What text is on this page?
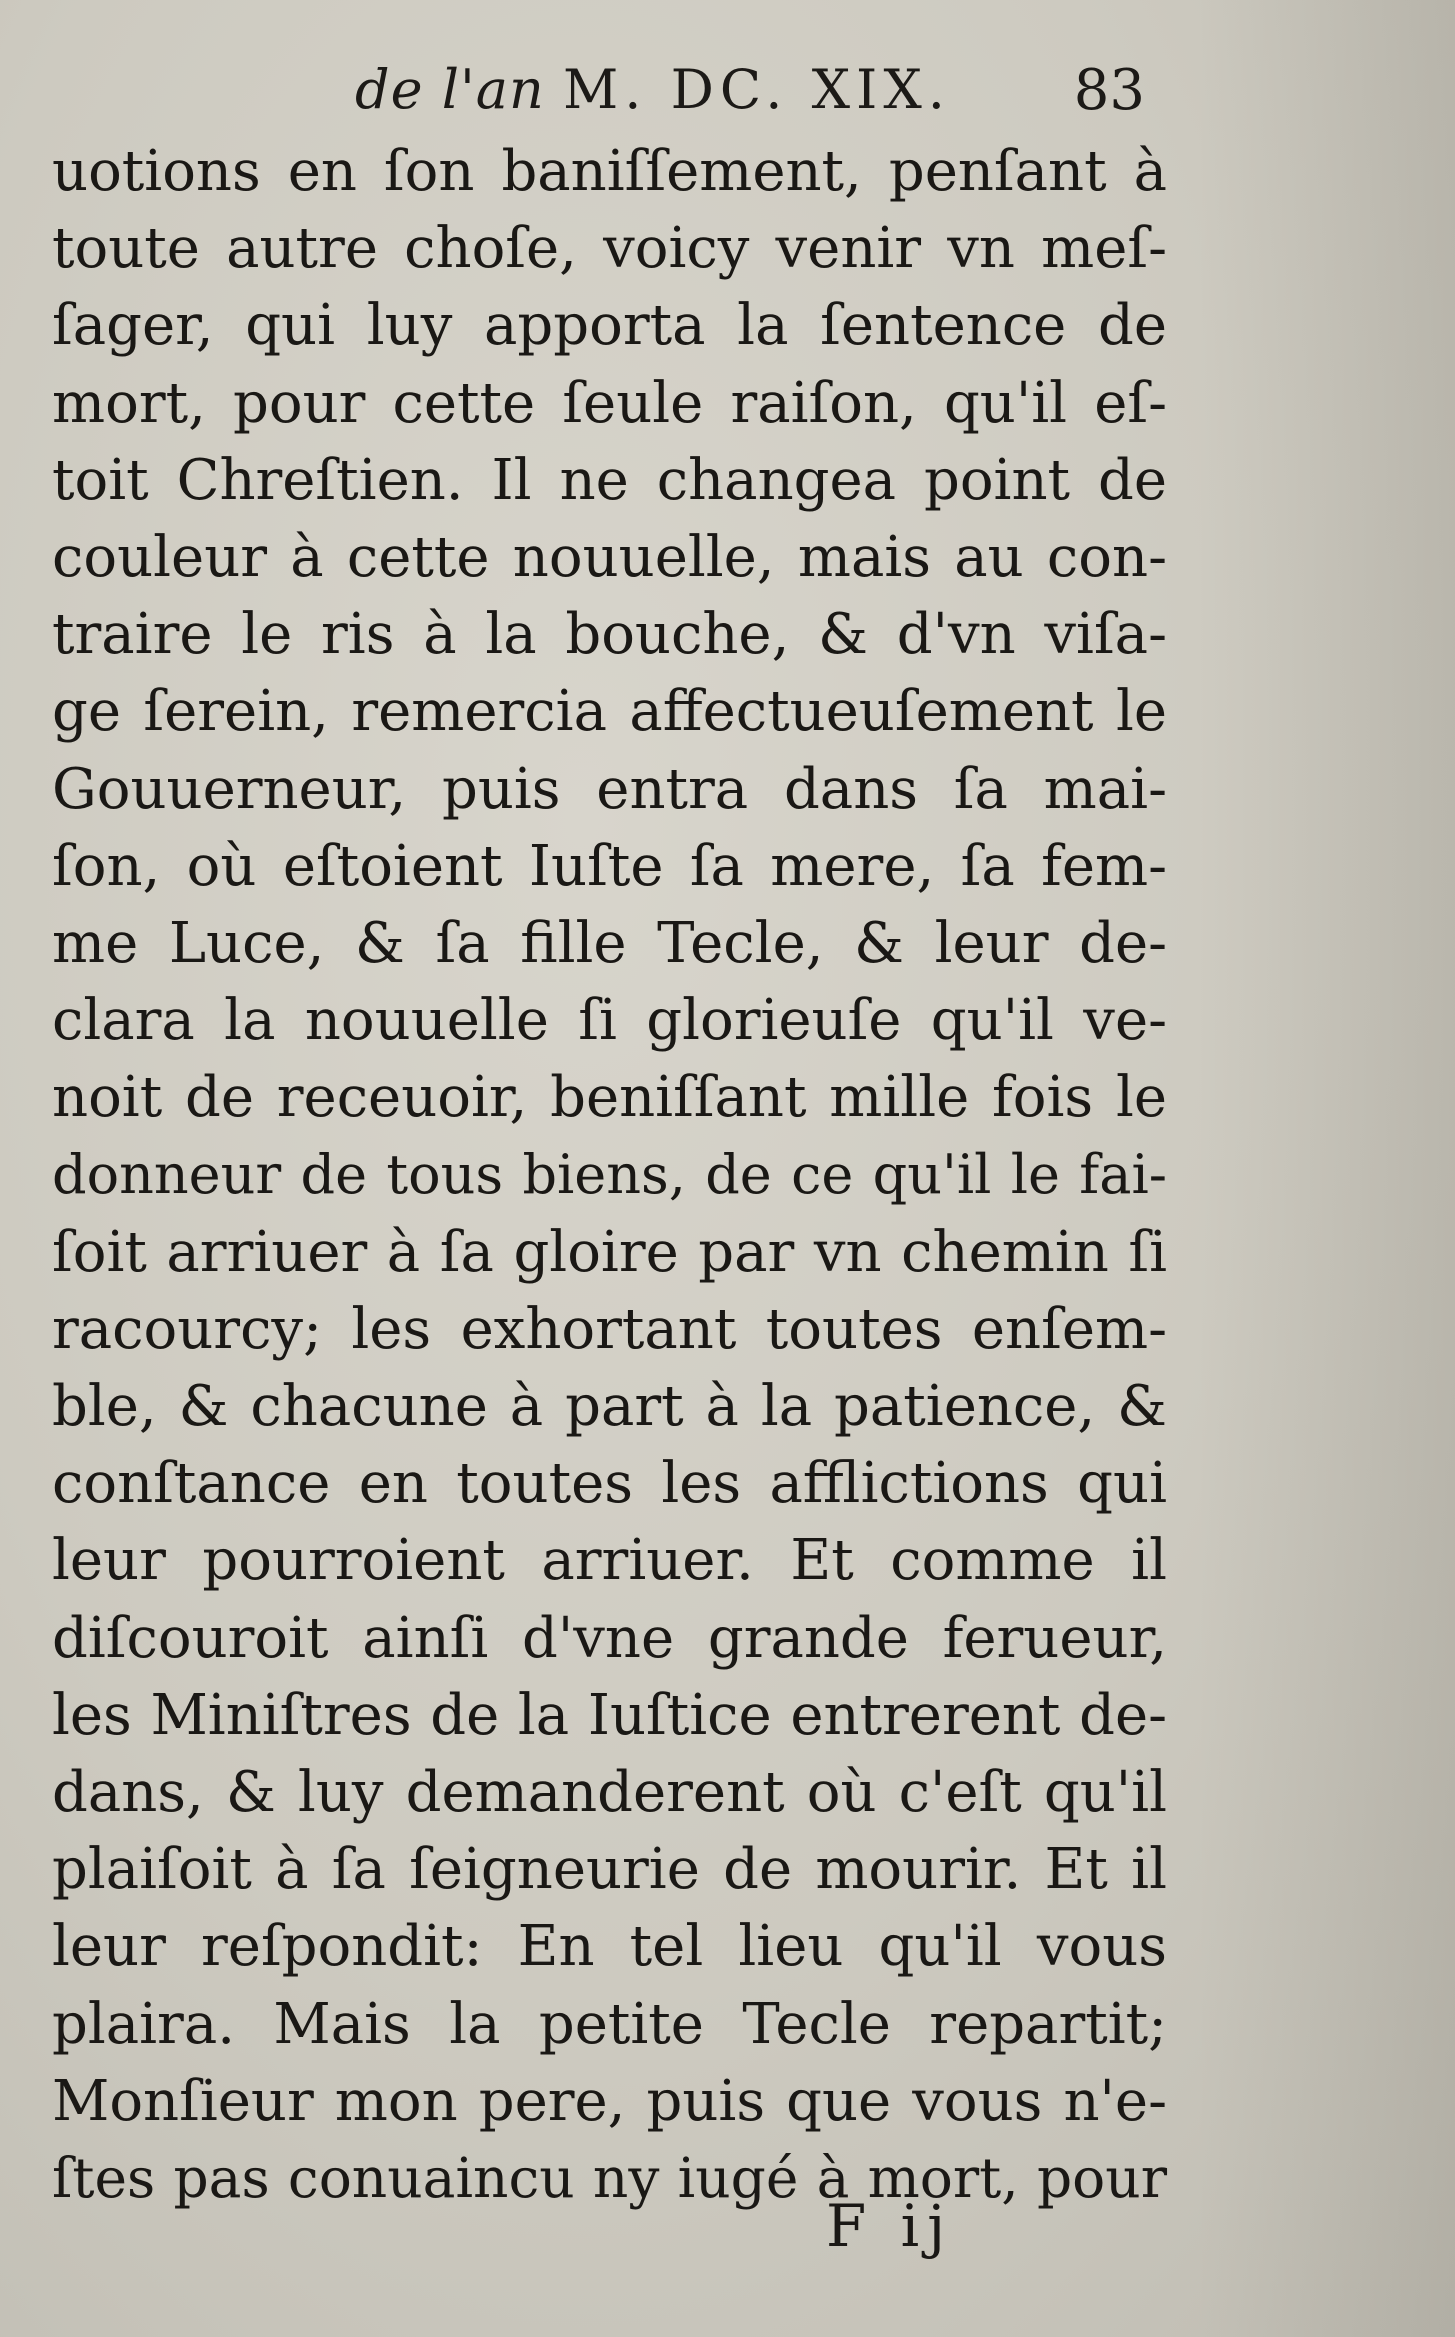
de l'an M. DC. XIX. 83
uotions en ſon baniſſement, penſant à
toute autre choſe, voicy venir vn meſ-
ſager, qui luy apporta la ſentence de
mort, pour cette ſeule raiſon, qu'il eſ-
toit Chreſtien. Il ne changea point de
couleur à cette nouuelle, mais au con-
traire le ris à la bouche, & d'vn viſa-
ge ſerein, remercia affectueuſement le
Gouuerneur, puis entra dans ſa mai-
ſon, où eſtoient Iuſte ſa mere, ſa fem-
me Luce, & ſa fille Tecle, & leur de-
clara la nouuelle ſi glorieuſe qu'il ve-
noit de receuoir, beniſſant mille fois le
donneur de tous biens, de ce qu'il le fai-
ſoit arriuer à ſa gloire par vn chemin ſi
racourcy; les exhortant toutes enſem-
ble, & chacune à part à la patience, &
conſtance en toutes les afflictions qui
leur pourroient arriuer. Et comme il
diſcouroit ainſi d'vne grande ferueur,
les Miniſtres de la Iuſtice entrerent de-
dans, & luy demanderent où c'eſt qu'il
plaiſoit à ſa ſeigneurie de mourir. Et il
leur reſpondit: En tel lieu qu'il vous
plaira. Mais la petite Tecle repartit;
Monſieur mon pere, puis que vous n'e-
ſtes pas conuaincu ny iugé à mort, pour
F ij
